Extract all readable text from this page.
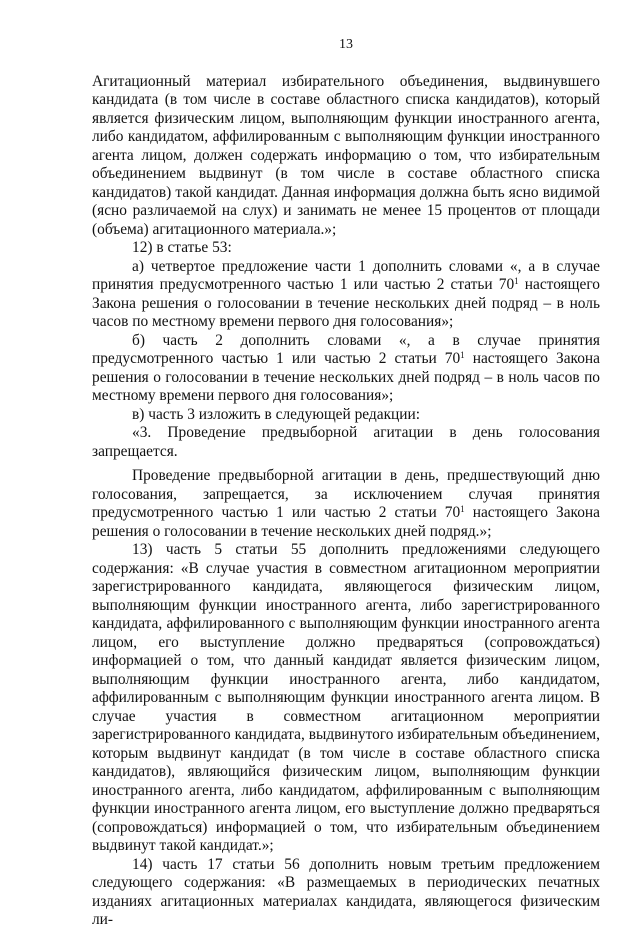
13

Агитационный материал избирательного объединения, выдвинувшего кандидата (в том числе в составе областного списка кандидатов), который является физическим лицом, выполняющим функции иностранного агента, либо кандидатом, аффилированным с выполняющим функции иностранного агента лицом, должен содержать информацию о том, что избирательным объединением выдвинут (в том числе в составе областного списка кандидатов) такой кандидат. Данная информация должна быть ясно видимой (ясно различаемой на слух) и занимать не менее 15 процентов от площади (объема) агитационного материала.»;

12) в статье 53:

а) четвертое предложение части 1 дополнить словами «, а в случае принятия предусмотренного частью 1 или частью 2 статьи $70^1$ настоящего Закона решения о голосовании в течение нескольких дней подряд – в ноль часов по местному времени первого дня голосования»;

б) часть 2 дополнить словами «, а в случае принятия предусмотренного частью 1 или частью 2 статьи $70^1$ настоящего Закона решения о голосовании в течение нескольких дней подряд – в ноль часов по местному времени первого дня голосования»;

в) часть 3 изложить в следующей редакции:

«3. Проведение предвыборной агитации в день голосования запрещается.

Проведение предвыборной агитации в день, предшествующий дню голосования, запрещается, за исключением случая принятия предусмотренного частью 1 или частью 2 статьи $70^1$ настоящего Закона решения о голосовании в течение нескольких дней подряд.»;

13) часть 5 статьи 55 дополнить предложениями следующего содержания: «В случае участия в совместном агитационном мероприятии зарегистрированного кандидата, являющегося физическим лицом, выполняющим функции иностранного агента, либо зарегистрированного кандидата, аффилированного с выполняющим функции иностранного агента лицом, его выступление должно предваряться (сопровождаться) информацией о том, что данный кандидат является физическим лицом, выполняющим функции иностранного агента, либо кандидатом, аффилированным с выполняющим функции иностранного агента лицом. В случае участия в совместном агитационном мероприятии зарегистрированного кандидата, выдвинутого избирательным объединением, которым выдвинут кандидат (в том числе в составе областного списка кандидатов), являющийся физическим лицом, выполняющим функции иностранного агента, либо кандидатом, аффилированным с выполняющим функции иностранного агента лицом, его выступление должно предваряться (сопровождаться) информацией о том, что избирательным объединением выдвинут такой кандидат.»;

14) часть 17 статьи 56 дополнить новым третьим предложением следующего содержания: «В размещаемых в периодических печатных изданиях агитационных материалах кандидата, являющегося физическим ли-
